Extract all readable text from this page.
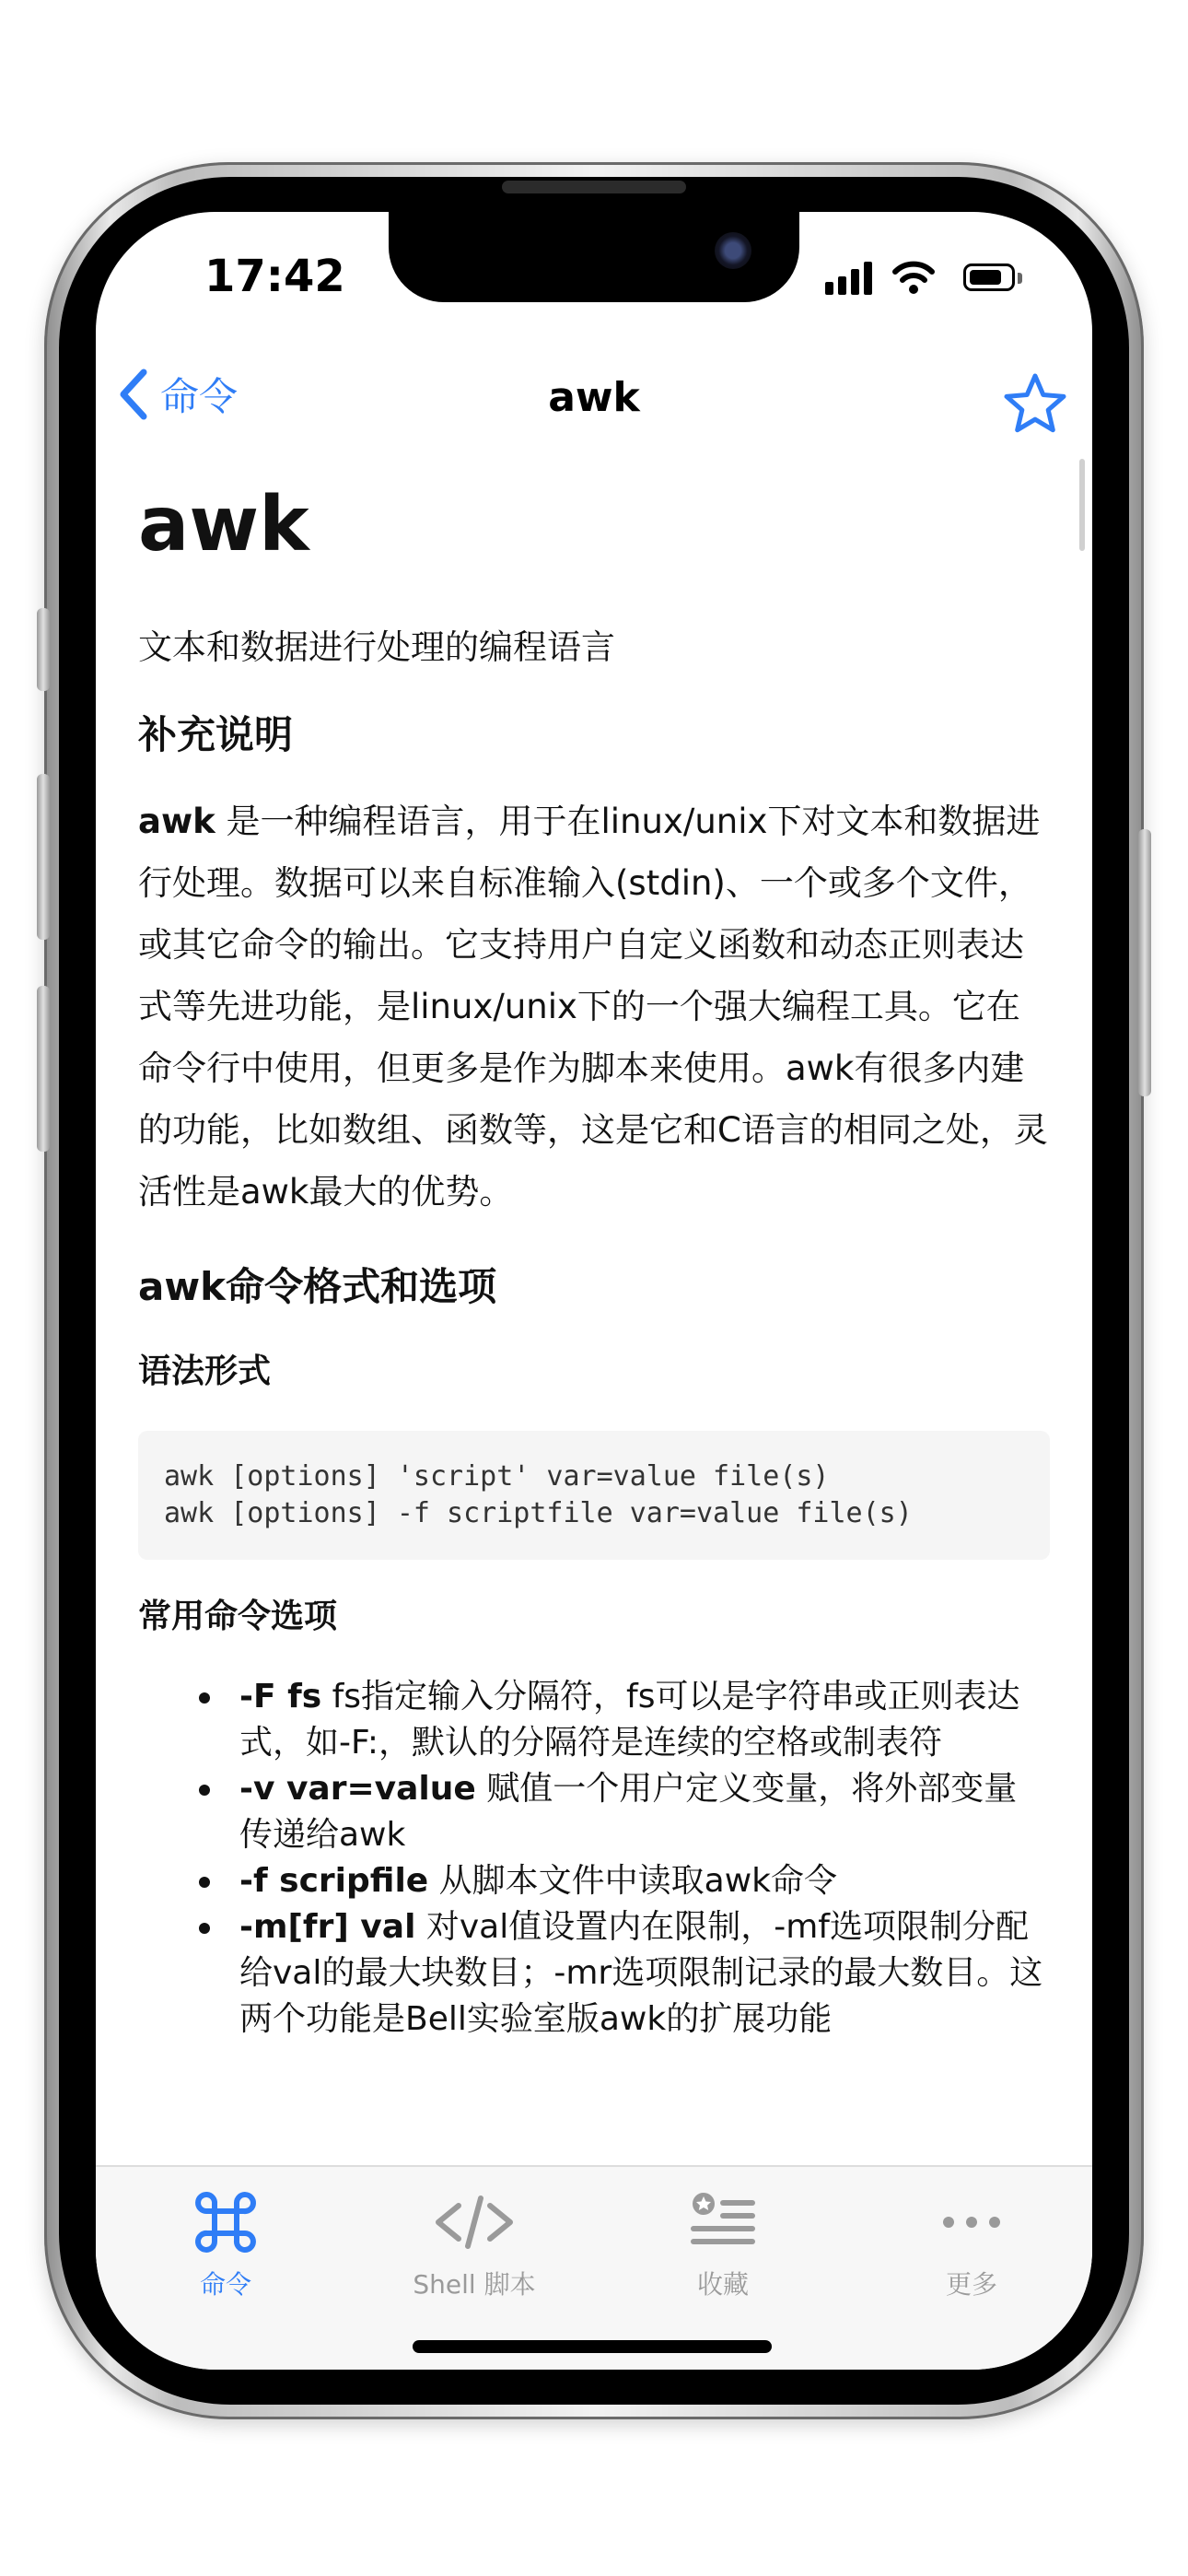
17:42
命令	awk
awk
文本和数据进行处理的编程语言
补充说明
awk 是一种编程语言，用于在linux/unix下对文本和数据进行处理。数据可以来自标准输入(stdin)、一个或多个文件，或其它命令的输出。它支持用户自定义函数和动态正则表达式等先进功能，是linux/unix下的一个强大编程工具。它在命令行中使用，但更多是作为脚本来使用。awk有很多内建的功能，比如数组、函数等，这是它和C语言的相同之处，灵活性是awk最大的优势。
awk命令格式和选项
语法形式
awk [options] 'script' var=value file(s)
awk [options] -f scriptfile var=value file(s)
常用命令选项
-F fs fs指定输入分隔符，fs可以是字符串或正则表达式，如-F:，默认的分隔符是连续的空格或制表符
-v var=value 赋值一个用户定义变量，将外部变量传递给awk
-f scripfile 从脚本文件中读取awk命令
-m[fr] val 对val值设置内在限制，-mf选项限制分配给val的最大块数目；-mr选项限制记录的最大数目。这两个功能是Bell实验室版awk的扩展功能
命令	Shell 脚本	收藏	更多
